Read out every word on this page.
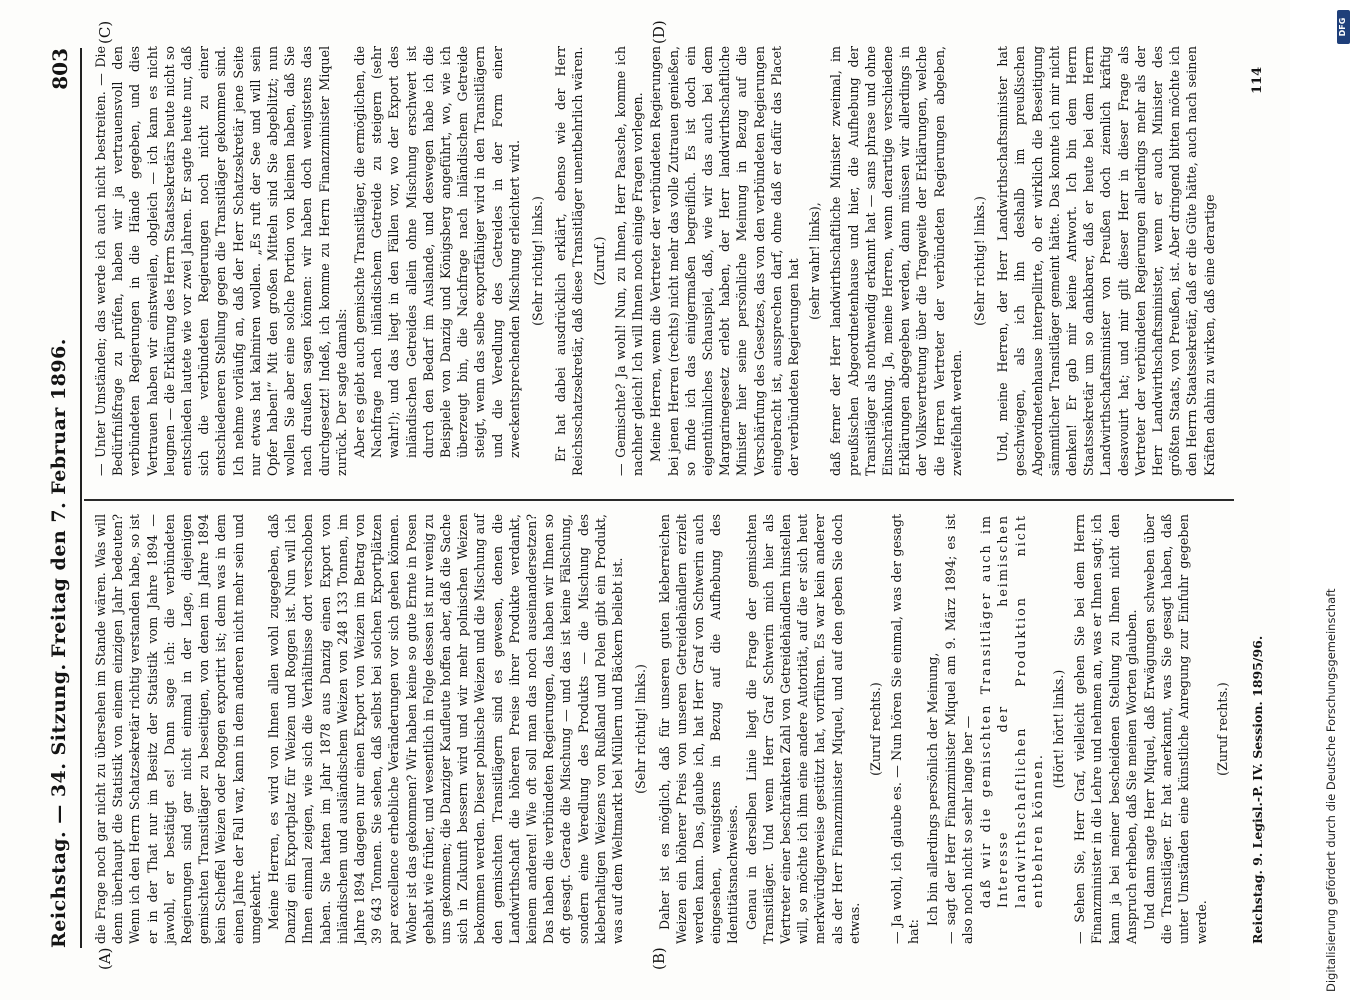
Reichstag. — 34. Sitzung.
Freitag den 7. Februar 1896.
803
(A)	(B)
(C)	(D)

die Frage noch gar nicht zu übersehen im Stande wären. Was will denn überhaupt die Statistik von einem einzigen Jahr bedeuten? Wenn ich den Herrn Schatzsekretär richtig verstanden habe, so ist er in der That nur im Besitz der Statistik vom Jahre 1894 — jawohl, er bestätigt es! Dann sage ich: die verbündeten Regierungen sind gar nicht einmal in der Lage, diejenigen gemischten Transitläger zu beseitigen, von denen im Jahre 1894 kein Scheffel Weizen oder Roggen exportirt ist; denn was in dem einen Jahre der Fall war, kann in dem anderen nicht mehr sein und umgekehrt. Meine Herren, es wird von Ihnen allen wohl zugegeben, daß Danzig ein Exportplatz für Weizen und Roggen ist. Nun will ich Ihnen einmal zeigen, wie sich die Verhältnisse dort verschoben haben. Sie hatten im Jahr 1878 aus Danzig einen Export von inländischem und ausländischem Weizen von 248 133 Tonnen, im Jahre 1894 dagegen nur einen Export von Weizen im Betrag von 39 643 Tonnen. Sie sehen, daß selbst bei solchen Exportplätzen par excellence erhebliche Veränderungen vor sich gehen können. Woher ist das gekommen? Wir haben keine so gute Ernte in Posen gehabt wie früher, und wesentlich in Folge dessen ist nur wenig zu uns gekommen; die Danziger Kaufleute hoffen aber, daß die Sache sich in Zukunft bessern wird und wir mehr polnischen Weizen bekommen werden. Dieser polnische Weizen und die Mischung auf den gemischten Transitlägern sind es gewesen, denen die Landwirthschaft die höheren Preise ihrer Produkte verdankt, keinem anderen! Wie oft soll man das noch auseinandersetzen? Das haben die verbündeten Regierungen, das haben wir Ihnen so oft gesagt. Gerade die Mischung — und das ist keine Fälschung, sondern eine Veredlung des Produkts — die Mischung des kleberhaltigen Weizens von Rußland und Polen gibt ein Produkt, was auf dem Weltmarkt bei Müllern und Bäckern beliebt ist. (Sehr richtig! links.) Daher ist es möglich, daß für unseren guten kleberreichen Weizen ein höherer Preis von unseren Getreidehändlern erzielt werden kann. Das, glaube ich, hat Herr Graf von Schwerin auch eingesehen, wenigstens in Bezug auf die Aufhebung des Identitätsnachweises. Genau in derselben Linie liegt die Frage der gemischten Transitläger. Und wenn Herr Graf Schwerin mich hier als Vertreter einer beschränkten Zahl von Getreidehändlern hinstellen will, so möchte ich ihm eine andere Autorität, auf die er sich heut merkwürdigerweise gestützt hat, vorführen. Es war kein anderer als der Herr Finanzminister Miquel, und auf den geben Sie doch etwas.

(Zuruf rechts.) — Ja wohl, ich glaube es. — Nun hören Sie einmal, was der gesagt hat:

Ich bin allerdings persönlich der Meinung, — sagt der Herr Finanzminister Miquel am 9. März 1894; es ist also noch nicht so sehr lange her — daß wir die gemischten Transitläger auch im Interesse der heimischen landwirthschaftlichen Produktion nicht entbehren können.

(Hört! hört! links.) — Sehen Sie, Herr Graf, vielleicht gehen Sie bei dem Herrn Finanzminister in die Lehre und nehmen an, was er Ihnen sagt; ich kann ja bei meiner bescheidenen Stellung zu Ihnen nicht den Anspruch erheben, daß Sie meinen Worten glauben. Und dann sagte Herr Miquel, daß Erwägungen schweben über die Transitläger. Er hat anerkannt, was Sie gesagt haben, daß unter Umständen eine künstliche Anregung zur Einfuhr gegeben werde.

(Zuruf rechts.)

— Unter Umständen; das werde ich auch nicht bestreiten. — Die Bedürfnißfrage zu prüfen, haben wir ja vertrauensvoll den verbündeten Regierungen in die Hände gegeben, und dies Vertrauen haben wir einstweilen, obgleich — ich kann es nicht leugnen — die Erklärung des Herrn Staatssekretärs heute nicht so entschieden lautete wie vor zwei Jahren. Er sagte heute nur, daß sich die verbündeten Regierungen noch nicht zu einer entschiedeneren Stellung gegen die Transitläger gekommen sind. Ich nehme vorläufig an, daß der Herr Schatzsekretär jene Seite nur etwas hat kalmiren wollen. „Es ruft der See und will sein Opfer haben!“ Mit den großen Mitteln sind Sie abgeblitzt; nun wollen Sie aber eine solche Portion von kleinen haben, daß Sie nach draußen sagen können: wir haben doch wenigstens das durchgesetzt! Indeß, ich komme zu Herrn Finanzminister Miquel zurück. Der sagte damals: Aber es giebt auch gemischte Transitläger, die ermöglichen, die Nachfrage nach inländischem Getreide zu steigern (sehr wahr!); und das liegt in den Fällen vor, wo der Export des inländischen Getreides allein ohne Mischung erschwert ist durch den Bedarf im Auslande, und deswegen habe ich die Beispiele von Danzig und Königsberg angeführt, wo, wie ich überzeugt bin, die Nachfrage nach inländischem Getreide steigt, wenn das selbe exportfähiger wird in den Transitlägern und die Veredlung des Getreides in der Form einer zweckentsprechenden Mischung erleichtert wird. (Sehr richtig! links.) Er hat dabei ausdrücklich erklärt, ebenso wie der Herr Reichsschatzsekretär, daß diese Transitläger unentbehrlich wären. (Zuruf.) — Gemischte? Ja wohl! Nun, zu Ihnen, Herr Paasche, komme ich nachher gleich! Ich will Ihnen noch einige Fragen vorlegen. Meine Herren, wenn die Vertreter der verbündeten Regierungen bei jenen Herren (rechts) nicht mehr das volle Zutrauen genießen, so finde ich das einigermaßen begreiflich. Es ist doch ein eigenthümliches Schauspiel, daß, wie wir das auch bei dem Margarinegesetz erlebt haben, der Herr landwirthschaftliche Minister hier seine persönliche Meinung in Bezug auf die Verschärfung des Gesetzes, das von den verbündeten Regierungen eingebracht ist, aussprechen darf, ohne daß er dafür das Placet der verbündeten Regierungen hat (sehr wahr! links), daß ferner der Herr landwirthschaftliche Minister zweimal, im preußischen Abgeordnetenhause und hier, die Aufhebung der Transitläger als nothwendig erkannt hat — sans phrase und ohne Einschränkung. Ja, meine Herren, wenn derartige verschiedene Erklärungen abgegeben werden, dann müssen wir allerdings in der Volksvertretung über die Tragweite der Erklärungen, welche die Herren Vertreter der verbündeten Regierungen abgeben, zweifelhaft werden.

(Sehr richtig! links.) Und, meine Herren, der Herr Landwirthschaftsminister hat geschwiegen, als ich ihn deshalb im preußischen Abgeordnetenhause interpellirte, ob er wirklich die Beseitigung sämmtlicher Transitläger gemeint hätte. Das konnte ich mir nicht denken! Er gab mir keine Antwort. Ich bin dem Herrn Staatssekretär um so dankbarer, daß er heute bei dem Herrn Landwirthschaftsminister von Preußen doch ziemlich kräftig desavouirt hat; und mir gilt dieser Herr in dieser Frage als Vertreter der verbündeten Regierungen allerdings mehr als der Herr Landwirthschaftsminister, wenn er auch Minister des größten Staats, von Preußen, ist. Aber dringend bitten möchte ich den Herrn Staatssekretär, daß er die Güte hätte, auch nach seinen Kräften dahin zu wirken, daß eine derartige

Reichstag. 9. Legisl.-P. IV. Session. 1895/96.
114
Digitalisierung gefördert durch die Deutsche Forschungsgemeinschaft
DFG
